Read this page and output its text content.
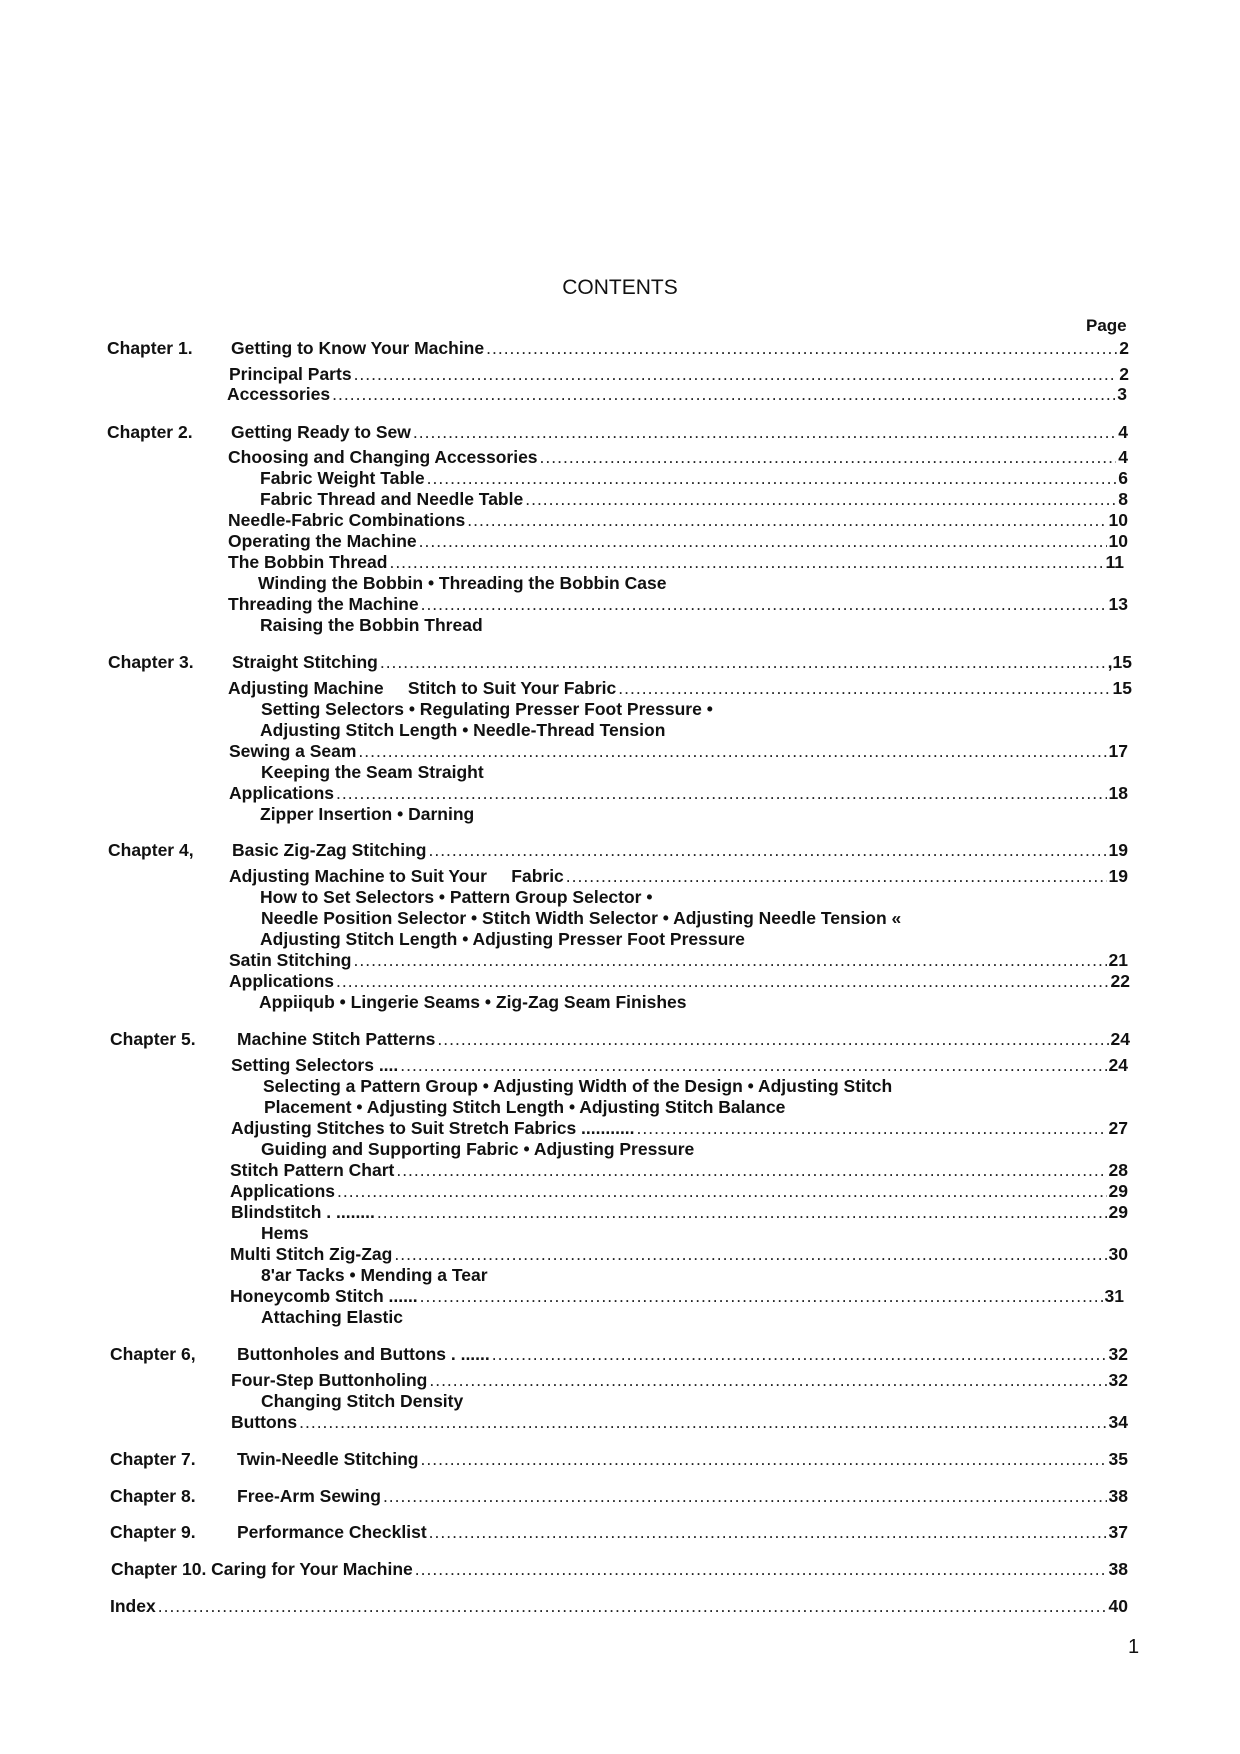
CONTENTS
Page
Chapter 1. Getting to Know Your Machine .....	2
Principal Parts .....	2
Accessories .....	3
Chapter 2. Getting Ready to Sew .....	4
Choosing and Changing Accessories .....	4
Fabric Weight Table .....	6
Fabric Thread and Needle Table .....	8
Needle-Fabric Combinations .....	10
Operating the Machine .....	10
The Bobbin Thread .....	11
Winding the Bobbin • Threading the Bobbin Case
Threading the Machine .....	13
Raising the Bobbin Thread
Chapter 3. Straight Stitching .....	,15
Adjusting Machine     Stitch to Suit Your Fabric .....	15
Setting Selectors • Regulating Presser Foot Pressure •
Adjusting Stitch Length • Needle-Thread Tension
Sewing a Seam .....	17
Keeping the Seam Straight
Applications .....	18
Zipper Insertion • Darning
Chapter 4, Basic Zig-Zag Stitching .....	19
Adjusting Machine to Suit Your     Fabric .....	19
How to Set Selectors • Pattern Group Selector •
Needle Position Selector • Stitch Width Selector • Adjusting Needle Tension «
Adjusting Stitch Length • Adjusting Presser Foot Pressure
Satin Stitching .....	21
Applications .....	22
Appiiqub • Lingerie Seams • Zig-Zag Seam Finishes
Chapter 5. Machine Stitch Patterns .....	24
Setting Selectors .... .....	24
Selecting a Pattern Group • Adjusting Width of the Design • Adjusting Stitch
Placement • Adjusting Stitch Length • Adjusting Stitch Balance
Adjusting Stitches to Suit Stretch Fabrics ........... .....	27
Guiding and Supporting Fabric • Adjusting Pressure
Stitch Pattern Chart .....	28
Applications .....	29
Blindstitch . ........ .....	29
Hems
Multi Stitch Zig-Zag .....	30
8'ar Tacks • Mending a Tear
Honeycomb Stitch ...... .....	31
Attaching Elastic
Chapter 6, Buttonholes and Buttons . ...... .....	32
Four-Step Buttonholing .....	32
Changing Stitch Density
Buttons .....	34
Chapter 7. Twin-Needle Stitching .....	35
Chapter 8. Free-Arm Sewing .....	38
Chapter 9. Performance Checklist .....	37
Chapter 10. Caring for Your Machine .....	38
Index .....	40
1
